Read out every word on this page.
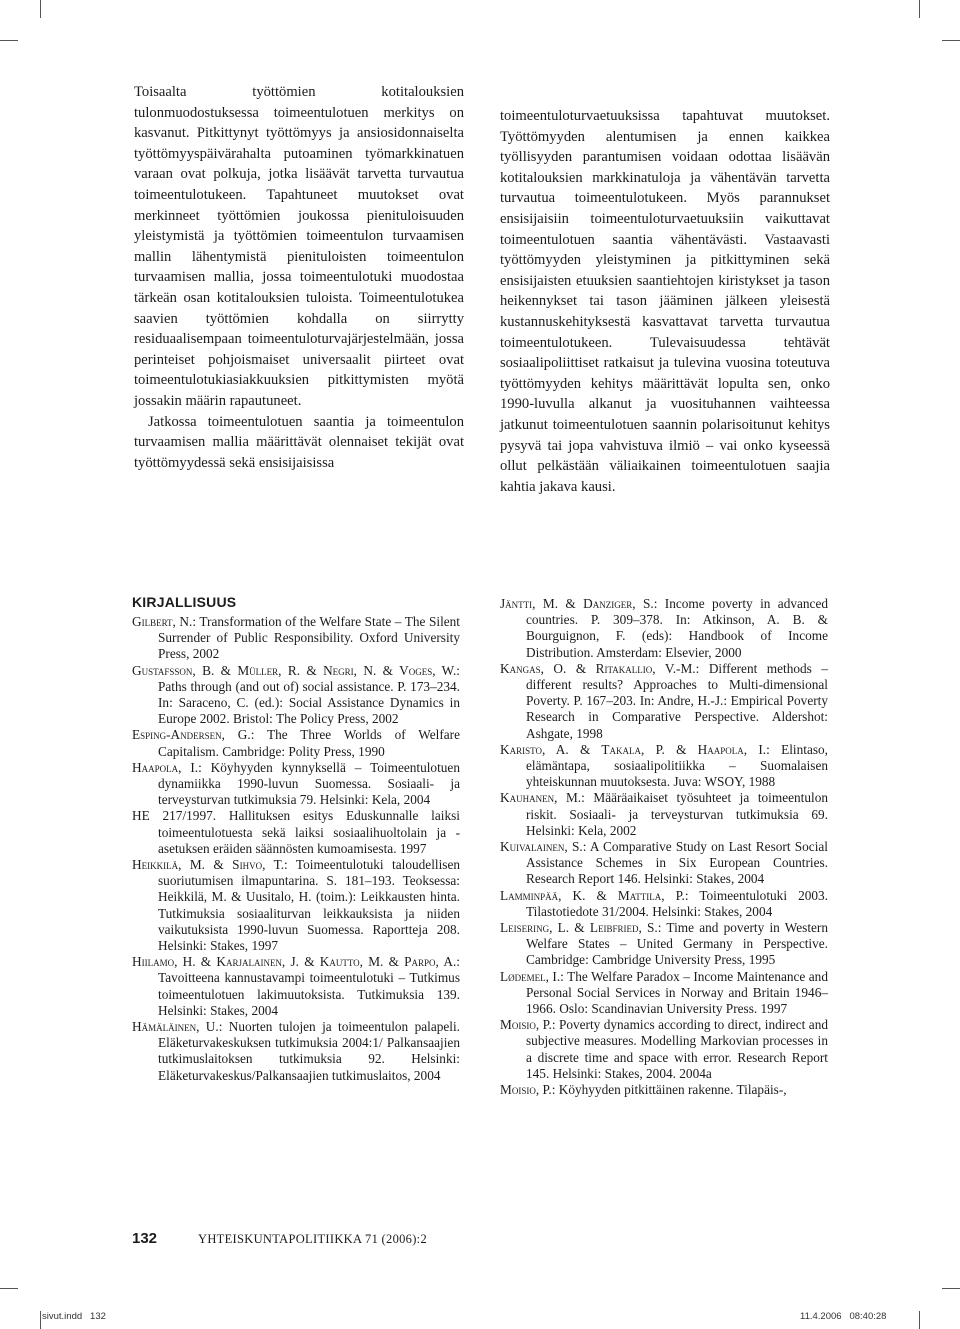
Toisaalta työttömien kotitalouksien tulonmuodostuksessa toimeentulotuen merkitys on kasvanut. Pitkittynyt työttömyys ja ansiosidonnaiselta työttömyyspäivärahalta putoaminen työmarkkinatuen varaan ovat polkuja, jotka lisäävät tarvetta turvautua toimeentulotukeen. Tapahtuneet muutokset ovat merkinneet työttömien joukossa pienituloisuuden yleistymistä ja työttömien toimeentulon turvaamisen mallin lähentymistä pienituloisten toimeentulon turvaamisen mallia, jossa toimeentulotuki muodostaa tärkeän osan kotitalouksien tuloista. Toimeentulotukea saavien työttömien kohdalla on siirrytty residuaalisempaan toimeentuloturvajärjestelmään, jossa perinteiset pohjoismaiset universaalit piirteet ovat toimeentulotukiasiakkuuksien pitkittymisten myötä jossakin määrin rapautuneet.

Jatkossa toimeentulotuen saantia ja toimeentulon turvaamisen mallia määrittävät olennaiset tekijät ovat työttömyydessä sekä ensisijaisissa

toimeentuloturvaetuuksissa tapahtuvat muutokset. Työttömyyden alentumisen ja ennen kaikkea työllisyyden parantumisen voidaan odottaa lisäävän kotitalouksien markkinatuloja ja vähentävän tarvetta turvautua toimeentulotukeen. Myös parannukset ensisijaisiin toimeentuloturvaetuuksiin vaikuttavat toimeentulotuen saantia vähentävästi. Vastaavasti työttömyyden yleistyminen ja pitkittyminen sekä ensisijaisten etuuksien saantiehtojen kiristykset ja tason heikennykset tai tason jääminen jälkeen yleisestä kustannuskehityksestä kasvattavat tarvetta turvautua toimeentulotukeen. Tulevaisuudessa tehtävät sosiaalipoliittiset ratkaisut ja tulevina vuosina toteutuva työttömyyden kehitys määrittävät lopulta sen, onko 1990-luvulla alkanut ja vuosituhannen vaihteessa jatkunut toimeentulotuen saannin polarisoitunut kehitys pysyvä tai jopa vahvistuva ilmiö – vai onko kyseessä ollut pelkästään väliaikainen toimeentulotuen saajia kahtia jakava kausi.

KIRJALLISUUS
Gilbert, N.: Transformation of the Welfare State – The Silent Surrender of Public Responsibility. Oxford University Press, 2002
Gustafsson, B. & Müller, R. & Negri, N. & Voges, W.: Paths through (and out of) social assistance. P. 173–234. In: Saraceno, C. (ed.): Social Assistance Dynamics in Europe 2002. Bristol: The Policy Press, 2002
Esping-Andersen, G.: The Three Worlds of Welfare Capitalism. Cambridge: Polity Press, 1990
Haapola, I.: Köyhyyden kynnyksellä – Toimeentulotuen dynamiikka 1990-luvun Suomessa. Sosiaali- ja terveysturvan tutkimuksia 79. Helsinki: Kela, 2004
HE 217/1997. Hallituksen esitys Eduskunnalle laiksi toimeentulotuesta sekä laiksi sosiaalihuoltolain ja -asetuksen eräiden säännösten kumoamisesta. 1997
Heikkilä, M. & Sihvo, T.: Toimeentulotuki taloudellisen suoriutumisen ilmapuntarina. S. 181–193. Teoksessa: Heikkilä, M. & Uusitalo, H. (toim.): Leikkausten hinta. Tutkimuksia sosiaaliturvan leikkauksista ja niiden vaikutuksista 1990-luvun Suomessa. Raportteja 208. Helsinki: Stakes, 1997
Hiilamo, H. & Karjalainen, J. & Kautto, M. & Parpo, A.: Tavoitteena kannustavampi toimeentulotuki – Tutkimus toimeentulotuen lakimuutoksista. Tutkimuksia 139. Helsinki: Stakes, 2004
Hämäläinen, U.: Nuorten tulojen ja toimeentulon palapeli. Eläketurvakeskuksen tutkimuksia 2004:1/ Palkansaajien tutkimuslaitoksen tutkimuksia 92. Helsinki: Eläketurvakeskus/Palkansaajien tutkimuslaitos, 2004
Jäntti, M. & Danziger, S.: Income poverty in advanced countries. P. 309–378. In: Atkinson, A. B. & Bourguignon, F. (eds): Handbook of Income Distribution. Amsterdam: Elsevier, 2000
Kangas, O. & Ritakallio, V.-M.: Different methods – different results? Approaches to Multi-dimensional Poverty. P. 167–203. In: Andre, H.-J.: Empirical Poverty Research in Comparative Perspective. Aldershot: Ashgate, 1998
Karisto, A. & Takala, P. & Haapola, I.: Elintaso, elämäntapa, sosiaalipolitiikka – Suomalaisen yhteiskunnan muutoksesta. Juva: WSOY, 1988
Kauhanen, M.: Määräaikaiset työsuhteet ja toimeentulon riskit. Sosiaali- ja terveysturvan tutkimuksia 69. Helsinki: Kela, 2002
Kuivalainen, S.: A Comparative Study on Last Resort Social Assistance Schemes in Six European Countries. Research Report 146. Helsinki: Stakes, 2004
Lamminpää, K. & Mattila, P.: Toimeentulotuki 2003. Tilastotiedote 31/2004. Helsinki: Stakes, 2004
Leisering, L. & Leibfried, S.: Time and poverty in Western Welfare States – United Germany in Perspective. Cambridge: Cambridge University Press, 1995
Lødemel, I.: The Welfare Paradox – Income Maintenance and Personal Social Services in Norway and Britain 1946–1966. Oslo: Scandinavian University Press. 1997
Moisio, P.: Poverty dynamics according to direct, indirect and subjective measures. Modelling Markovian processes in a discrete time and space with error. Research Report 145. Helsinki: Stakes, 2004. 2004a
Moisio, P.: Köyhyyden pitkittäinen rakenne. Tilapäis-,
132	YHTEISKUNTAPOLITIIKKA 71 (2006):2
sivut.indd   132	11.4.2006   08:40:28
